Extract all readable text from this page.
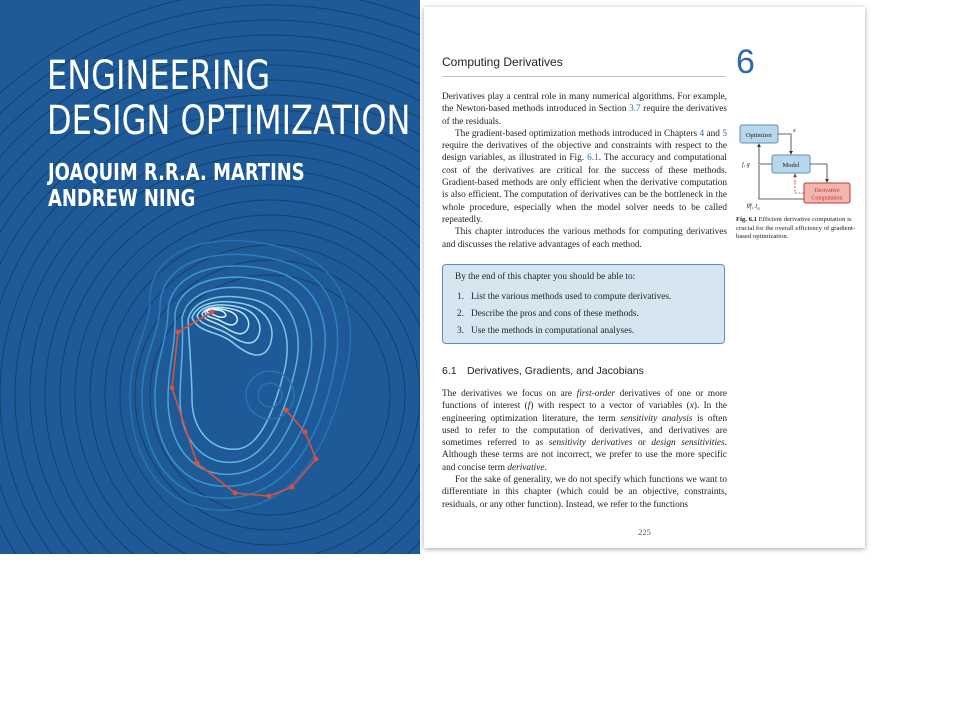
ENGINEERING
DESIGN OPTIMIZATION
JOAQUIM R.R.A. MARTINS
ANDREW NING
Computing Derivatives	6

Derivatives play a central role in many numerical algorithms. For example, the Newton-based methods introduced in Section 3.7 require the derivatives of the residuals.

The gradient-based optimization methods introduced in Chapters 4 and 5 require the derivatives of the objective and constraints with respect to the design variables, as illustrated in Fig. 6.1. The accuracy and computational cost of the derivatives are critical for the success of these methods. Gradient-based methods are only efficient when the derivative computation is also efficient. The computation of derivatives can be the bottleneck in the whole procedure, especially when the model solver needs to be called repeatedly.

This chapter introduces the various methods for computing derivatives and discusses the relative advantages of each method.

Optimizer
Model
Derivative
Computation
x
f, g
∇f, $J_g$
Fig. 6.1 Efficient derivative computation is crucial for the overall efficiency of gradient-based optimization.
By the end of this chapter you should be able to:
1. List the various methods used to compute derivatives.
2. Describe the pros and cons of these methods.
3. Use the methods in computational analyses.
6.1 Derivatives, Gradients, and Jacobians

The derivatives we focus on are first-order derivatives of one or more functions of interest (f) with respect to a vector of variables (x). In the engineering optimization literature, the term sensitivity analysis is often used to refer to the computation of derivatives, and derivatives are sometimes referred to as sensitivity derivatives or design sensitivities. Although these terms are not incorrect, we prefer to use the more specific and concise term derivative.

For the sake of generality, we do not specify which functions we want to differentiate in this chapter (which could be an objective, constraints, residuals, or any other function). Instead, we refer to the functions

225
